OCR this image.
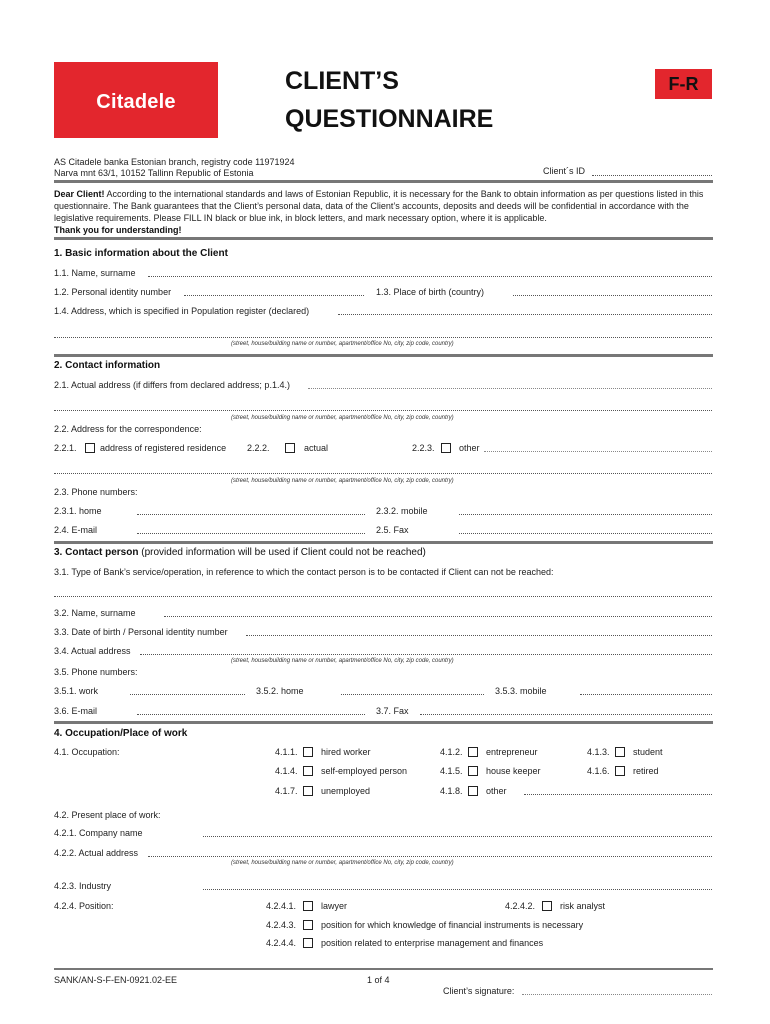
Citadele
CLIENT’S
QUESTIONNAIRE
F-R
AS Citadele banka Estonian branch, registry code 11971924
Narva mnt 63/1, 10152 Tallinn Republic of Estonia	Client´s ID
Dear Client! According to the international standards and laws of Estonian Republic, it is necessary for the Bank to obtain information as per questions listed in this questionnaire. The Bank guarantees that the Client’s personal data, data of the Client’s accounts, deposits and deeds will be confidential in accordance with the legislative requirements. Please FILL IN black or blue ink, in block letters, and mark necessary option, where it is applicable.
Thank you for understanding!
1. Basic information about the Client
1.1. Name, surname
1.2. Personal identity number	1.3. Place of birth (country)
1.4. Address, which is specified in Population register (declared)
(street, house/building name or number, apartment/office No, city, zip code, country)
2. Contact information
2.1. Actual address (if differs from declared address; p.1.4.)
(street, house/building name or number, apartment/office No, city, zip code, country)
2.2. Address for the correspondence:
2.2.1.	address of registered residence 2.2.2.	actual	2.2.3.	other
(street, house/building name or number, apartment/office No, city, zip code, country)
2.3. Phone numbers:
2.3.1. home	2.3.2. mobile
2.4. E-mail	2.5. Fax
3. Contact person (provided information will be used if Client could not be reached)
3.1. Type of Bank’s service/operation, in reference to which the contact person is to be contacted if Client can not be reached:
3.2. Name, surname
3.3. Date of birth / Personal identity number
3.4. Actual address
(street, house/building name or number, apartment/office No, city, zip code, country)
3.5. Phone numbers:
3.5.1. work	3.5.2. home	3.5.3. mobile
3.6. E-mail	3.7. Fax
4. Occupation/Place of work
4.1. Occupation:	4.1.1.	hired worker	4.1.2.	entrepreneur	4.1.3.	student
4.1.4.	self-employed person	4.1.5.	house keeper	4.1.6.	retired
4.1.7.	unemployed	4.1.8.	other
4.2. Present place of work:
4.2.1. Company name
4.2.2. Actual address
(street, house/building name or number, apartment/office No, city, zip code, country)
4.2.3. Industry
4.2.4. Position:	4.2.4.1.	lawyer	4.2.4.2.	risk analyst
4.2.4.3.	position for which knowledge of financial instruments is necessary
4.2.4.4.	position related to enterprise management and finances
SANK/AN-S-F-EN-0921.02-EE	1 of 4
Client’s signature:
